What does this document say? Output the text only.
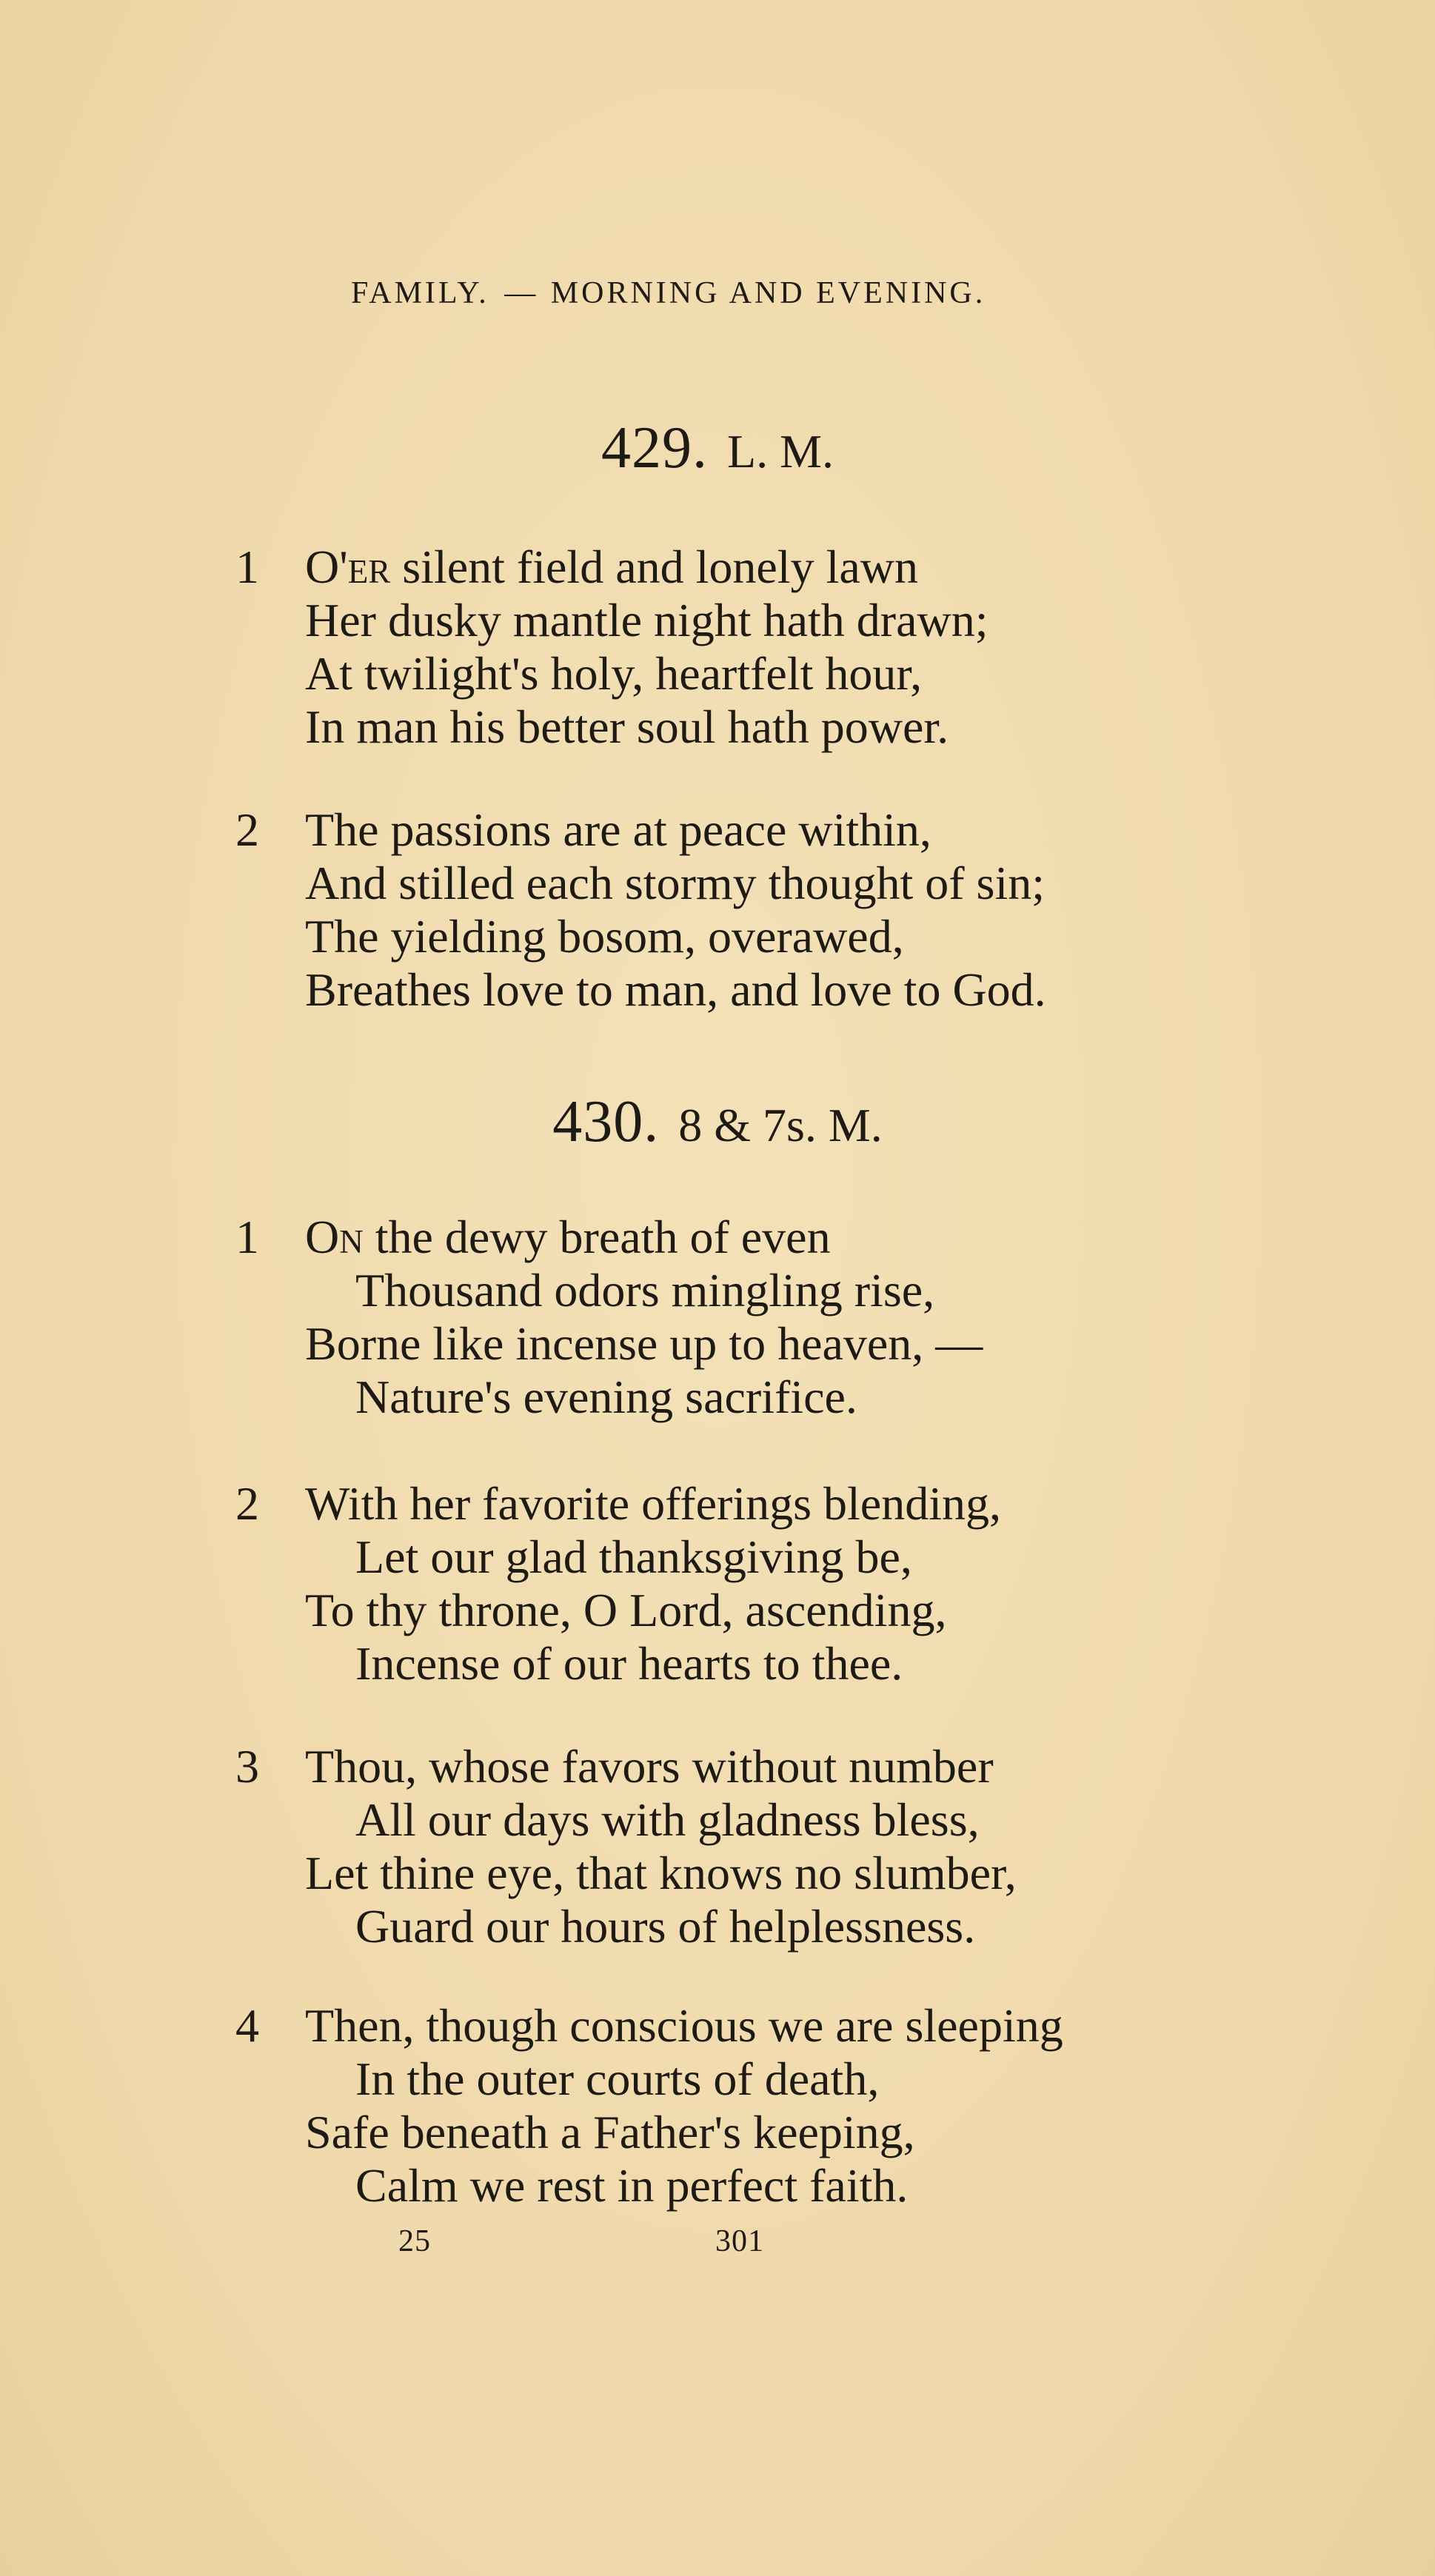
FAMILY. — MORNING AND EVENING.
429. L. M.
1 O'er silent field and lonely lawn
Her dusky mantle night hath drawn;
At twilight's holy, heartfelt hour,
In man his better soul hath power.
2 The passions are at peace within,
And stilled each stormy thought of sin;
The yielding bosom, overawed,
Breathes love to man, and love to God.
430. 8 & 7s. M.
1 On the dewy breath of even
Thousand odors mingling rise,
Borne like incense up to heaven, —
Nature's evening sacrifice.
2 With her favorite offerings blending,
Let our glad thanksgiving be,
To thy throne, O Lord, ascending,
Incense of our hearts to thee.
3 Thou, whose favors without number
All our days with gladness bless,
Let thine eye, that knows no slumber,
Guard our hours of helplessness.
4 Then, though conscious we are sleeping
In the outer courts of death,
Safe beneath a Father's keeping,
Calm we rest in perfect faith.
25	301
